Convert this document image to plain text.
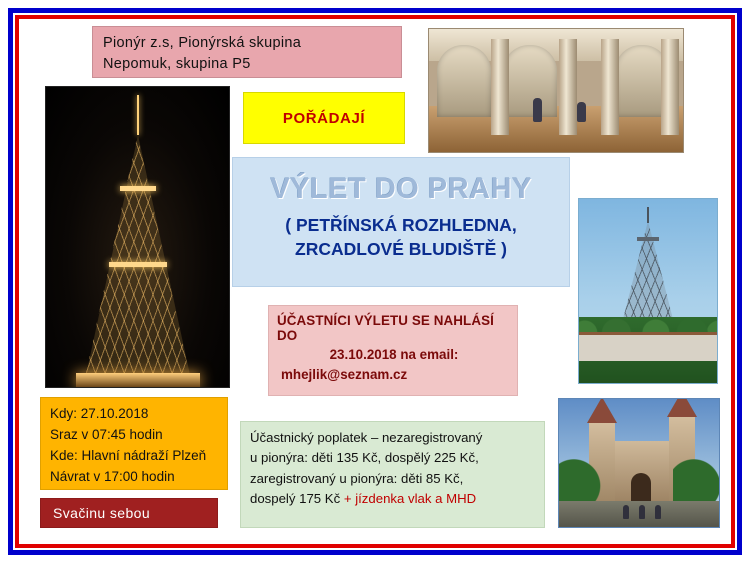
Pionýr z.s, Pionýrská skupina
Nepomuk, skupina P5
POŘÁDAJÍ
VÝLET DO PRAHY
( PETŘÍNSKÁ ROZHLEDNA,
ZRCADLOVÉ BLUDIŠTĚ )
ÚČASTNÍCI VÝLETU SE NAHLÁSÍ DO
23.10.2018 na email:
mhejlik@seznam.cz
Kdy: 27.10.2018
Sraz v 07:45 hodin
Kde: Hlavní nádraží Plzeň
Návrat v 17:00 hodin
Svačinu sebou
Účastnický poplatek – nezaregistrovaný
u pionýra: děti 135 Kč, dospělý 225 Kč,
zaregistrovaný u pionýra: děti 85 Kč,
dospelý 175 Kč + jízdenka vlak a MHD
